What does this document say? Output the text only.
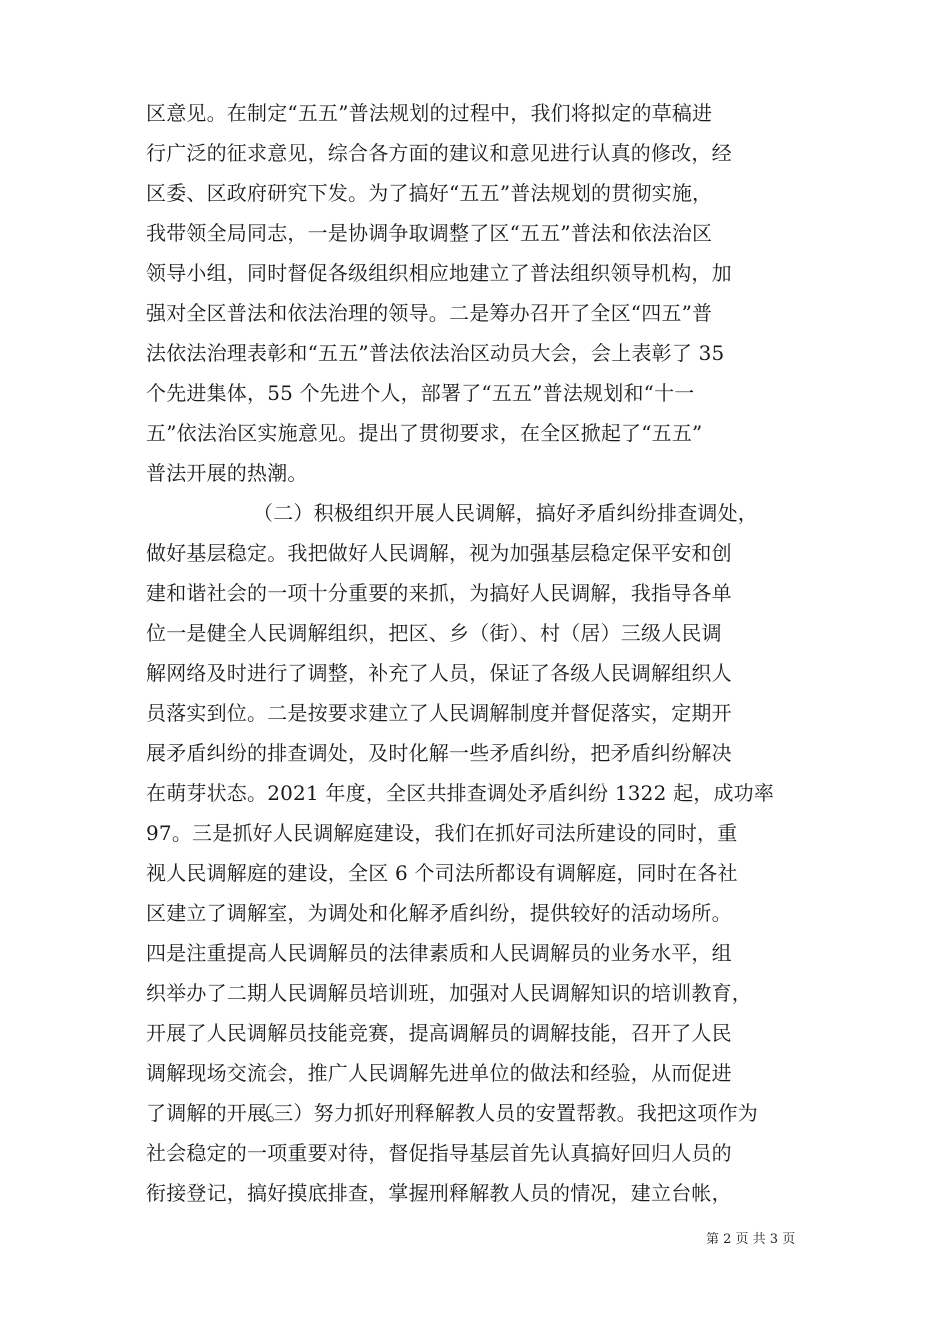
区意见。在制定“五五”普法规划的过程中，我们将拟定的草稿进
行广泛的征求意见，综合各方面的建议和意见进行认真的修改，经
区委、区政府研究下发。为了搞好“五五”普法规划的贯彻实施，
我带领全局同志，一是协调争取调整了区“五五”普法和依法治区
领导小组，同时督促各级组织相应地建立了普法组织领导机构，加
强对全区普法和依法治理的领导。二是筹办召开了全区“四五”普
法依法治理表彰和“五五”普法依法治区动员大会，会上表彰了 35
个先进集体，55 个先进个人，部署了“五五”普法规划和“十一
五”依法治区实施意见。提出了贯彻要求，在全区掀起了“五五”
普法开展的热潮。
（二）积极组织开展人民调解，搞好矛盾纠纷排查调处，
做好基层稳定。我把做好人民调解，视为加强基层稳定保平安和创
建和谐社会的一项十分重要的来抓，为搞好人民调解，我指导各单
位一是健全人民调解组织，把区、乡（街）、村（居）三级人民调
解网络及时进行了调整，补充了人员，保证了各级人民调解组织人
员落实到位。二是按要求建立了人民调解制度并督促落实，定期开
展矛盾纠纷的排查调处，及时化解一些矛盾纠纷，把矛盾纠纷解决
在萌芽状态。2021 年度，全区共排查调处矛盾纠纷 1322 起，成功率
97。三是抓好人民调解庭建设，我们在抓好司法所建设的同时，重
视人民调解庭的建设，全区 6 个司法所都设有调解庭，同时在各社
区建立了调解室，为调处和化解矛盾纠纷，提供较好的活动场所。
四是注重提高人民调解员的法律素质和人民调解员的业务水平，组
织举办了二期人民调解员培训班，加强对人民调解知识的培训教育，
开展了人民调解员技能竞赛，提高调解员的调解技能，召开了人民
调解现场交流会，推广人民调解先进单位的做法和经验，从而促进
了调解的开展。
（三）努力抓好刑释解教人员的安置帮教。我把这项作为
社会稳定的一项重要对待，督促指导基层首先认真搞好回归人员的
衔接登记，搞好摸底排查，掌握刑释解教人员的情况，建立台帐，
第 2 页 共 3 页
